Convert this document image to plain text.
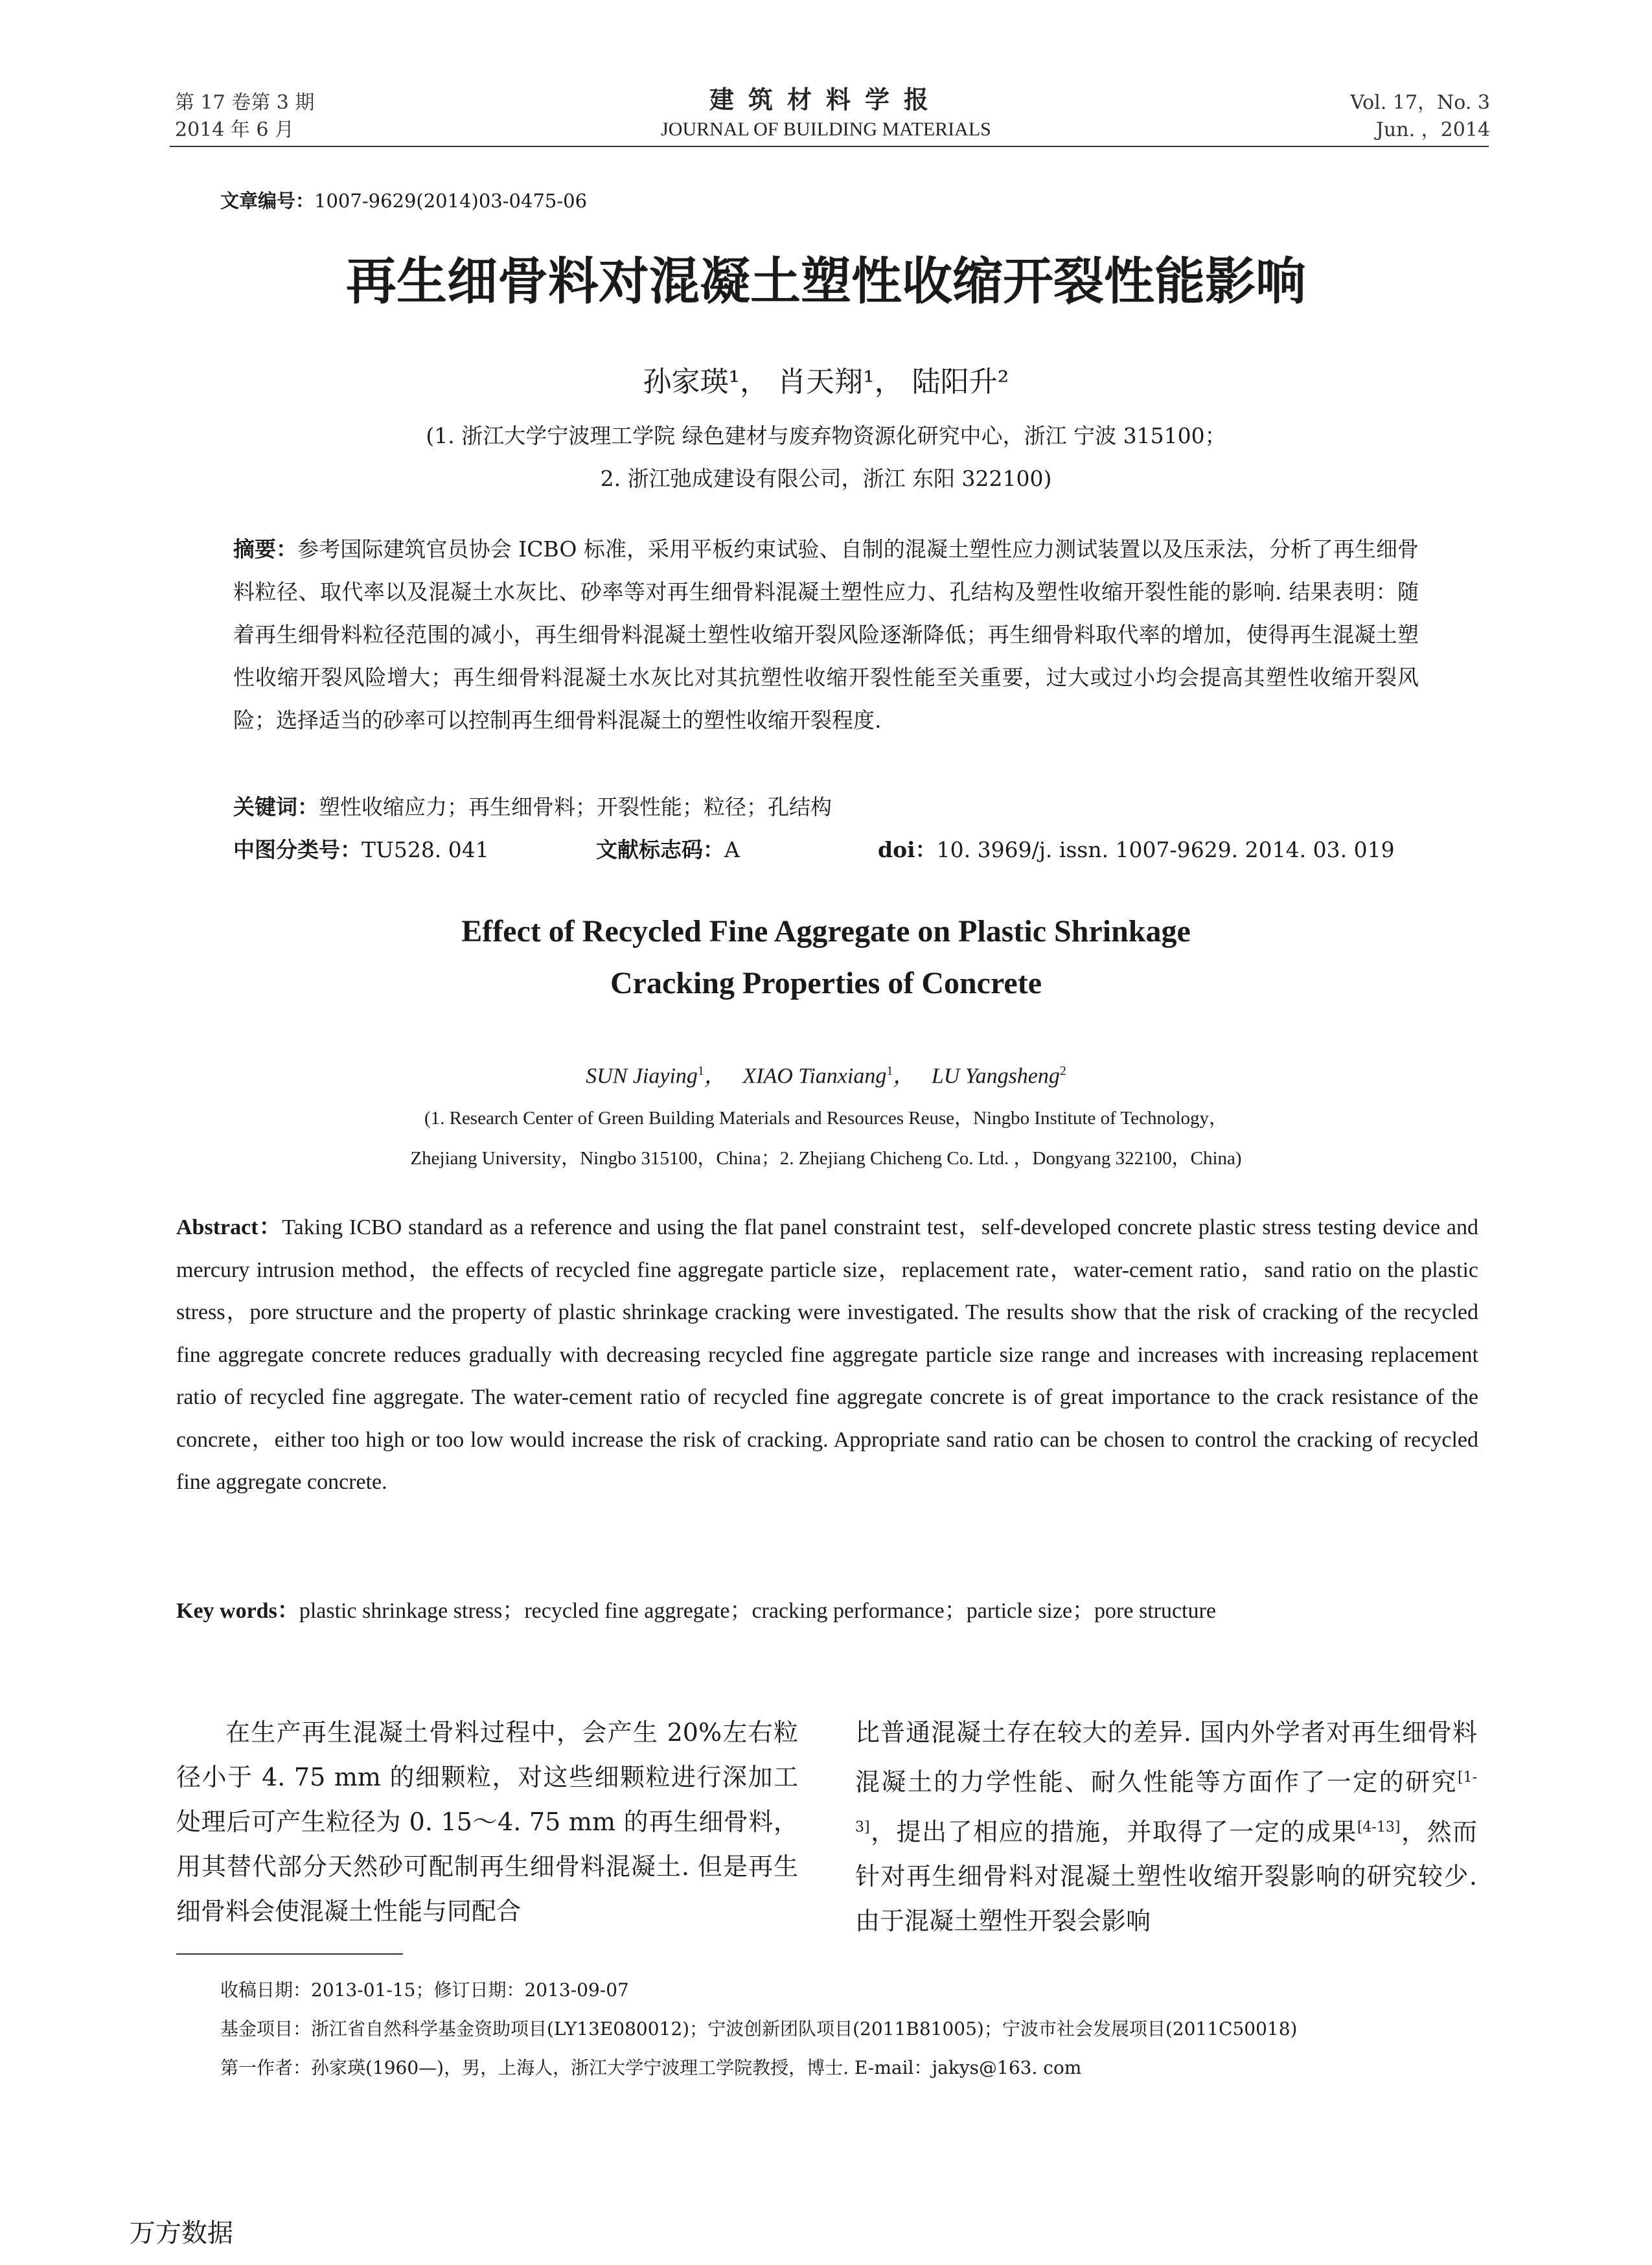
第 17 卷第 3 期
2014 年 6 月
建筑材料学报
JOURNAL OF BUILDING MATERIALS
Vol. 17，No. 3
Jun. ，2014
文章编号：1007-9629(2014)03-0475-06
再生细骨料对混凝土塑性收缩开裂性能影响
孙家瑛¹， 肖天翔¹， 陆阳升²
(1. 浙江大学宁波理工学院 绿色建材与废弃物资源化研究中心，浙江 宁波 315100；
2. 浙江弛成建设有限公司，浙江 东阳 322100)
摘要：参考国际建筑官员协会 ICBO 标准，采用平板约束试验、自制的混凝土塑性应力测试装置以及压汞法，分析了再生细骨料粒径、取代率以及混凝土水灰比、砂率等对再生细骨料混凝土塑性应力、孔结构及塑性收缩开裂性能的影响. 结果表明：随着再生细骨料粒径范围的减小，再生细骨料混凝土塑性收缩开裂风险逐渐降低；再生细骨料取代率的增加，使得再生混凝土塑性收缩开裂风险增大；再生细骨料混凝土水灰比对其抗塑性收缩开裂性能至关重要，过大或过小均会提高其塑性收缩开裂风险；选择适当的砂率可以控制再生细骨料混凝土的塑性收缩开裂程度.
关键词：塑性收缩应力；再生细骨料；开裂性能；粒径；孔结构
中图分类号：TU528. 041	文献标志码：A	doi：10. 3969/j. issn. 1007-9629. 2014. 03. 019
Effect of Recycled Fine Aggregate on Plastic Shrinkage
Cracking Properties of Concrete
SUN Jiaying$^1$，   XIAO Tianxiang$^1$，   LU Yangsheng$^2$
(1. Research Center of Green Building Materials and Resources Reuse，Ningbo Institute of Technology，
Zhejiang University，Ningbo 315100，China；2. Zhejiang Chicheng Co. Ltd. ，Dongyang 322100，China)
Abstract：Taking ICBO standard as a reference and using the flat panel constraint test，self-developed concrete plastic stress testing device and mercury intrusion method，the effects of recycled fine aggregate particle size，replacement rate，water-cement ratio，sand ratio on the plastic stress，pore structure and the property of plastic shrinkage cracking were investigated. The results show that the risk of cracking of the recycled fine aggregate concrete reduces gradually with decreasing recycled fine aggregate particle size range and increases with increasing replacement ratio of recycled fine aggregate. The water-cement ratio of recycled fine aggregate concrete is of great importance to the crack resistance of the concrete，either too high or too low would increase the risk of cracking. Appropriate sand ratio can be chosen to control the cracking of recycled fine aggregate concrete.
Key words：plastic shrinkage stress；recycled fine aggregate；cracking performance；particle size；pore structure
在生产再生混凝土骨料过程中，会产生 20%左右粒径小于 4. 75 mm 的细颗粒，对这些细颗粒进行深加工处理后可产生粒径为 0. 15～4. 75 mm 的再生细骨料，用其替代部分天然砂可配制再生细骨料混凝土. 但是再生细骨料会使混凝土性能与同配合
比普通混凝土存在较大的差异. 国内外学者对再生细骨料混凝土的力学性能、耐久性能等方面作了一定的研究[1-3]，提出了相应的措施，并取得了一定的成果[4-13]，然而针对再生细骨料对混凝土塑性收缩开裂影响的研究较少. 由于混凝土塑性开裂会影响
收稿日期：2013-01-15；修订日期：2013-09-07
基金项目：浙江省自然科学基金资助项目(LY13E080012)；宁波创新团队项目(2011B81005)；宁波市社会发展项目(2011C50018)
第一作者：孙家瑛(1960—)，男，上海人，浙江大学宁波理工学院教授，博士. E-mail：jakys@163. com
万方数据
